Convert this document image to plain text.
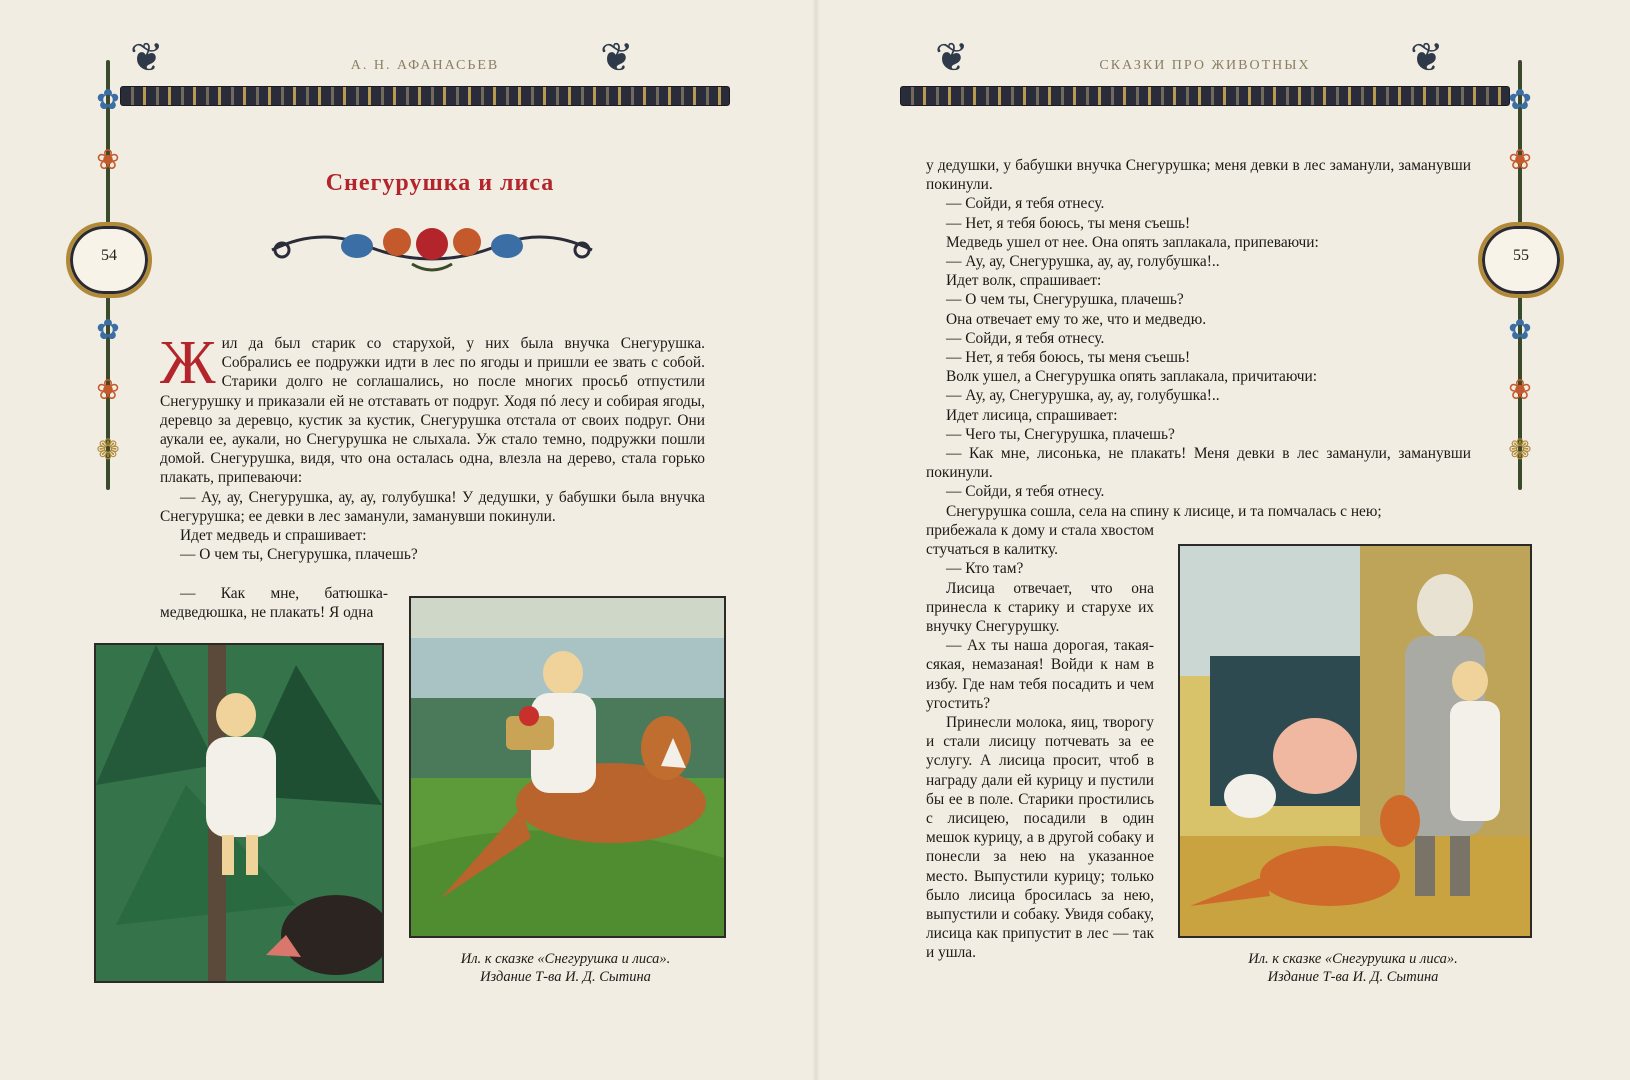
А. Н. АФАНАСЬЕВ
❦	❦	СКАЗКИ ПРО ЖИВОТНЫХ
❦	❦
✿
❀
✿
❀
❁
54
✿
❀
✿
❀
❁
55
Снегурушка и лиса

Жил да был старик со старухой, у них была внучка Снегурушка. Собрались ее подружки идти в лес по ягоды и пришли ее звать с собой. Старики долго не соглашались, но после многих просьб отпустили Снегурушку и приказали ей не отставать от подруг. Ходя пó лесу и собирая ягоды, деревцо за деревцо, кустик за кустик, Снегурушка отстала от своих подруг. Они аукали ее, аукали, но Снегурушка не слыхала. Уж стало темно, подружки пошли домой. Снегурушка, видя, что она осталась одна, влезла на дерево, стала горько плакать, припеваючи:

— Ау, ау, Снегурушка, ау, ау, голубушка! У дедушки, у бабушки была внучка Снегурушка; ее девки в лес заманули, заманувши покинули.

Идет медведь и спрашивает:

— О чем ты, Снегурушка, плачешь?

— Как мне, батюшка-медведюшка, не плакать! Я одна

Ил. к сказке «Снегурушка и лиса».
Издание Т-ва И. Д. Сытина

у дедушки, у бабушки внучка Снегурушка; меня девки в лес заманули, заманувши покинули.

— Сойди, я тебя отнесу.

— Нет, я тебя боюсь, ты меня съешь!

Медведь ушел от нее. Она опять заплакала, припеваючи:

— Ау, ау, Снегурушка, ау, ау, голубушка!..

Идет волк, спрашивает:

— О чем ты, Снегурушка, плачешь?

Она отвечает ему то же, что и медведю.

— Сойди, я тебя отнесу.

— Нет, я тебя боюсь, ты меня съешь!

Волк ушел, а Снегурушка опять заплакала, причитаючи:

— Ау, ау, Снегурушка, ау, ау, голубушка!..

Идет лисица, спрашивает:

— Чего ты, Снегурушка, плачешь?

— Как мне, лисонька, не плакать! Меня девки в лес заманули, заманувши покинули.

— Сойди, я тебя отнесу.

Снегурушка сошла, села на спину к лисице, и та помчалась с нею;

прибежала к дому и стала хвостом стучаться в калитку.

— Кто там?

Лисица отвечает, что она принесла к старику и старухе их внучку Снегурушку.

— Ах ты наша дорогая, такая-сякая, немазаная! Войди к нам в избу. Где нам тебя посадить и чем угостить?

Принесли молока, яиц, творогу и стали лисицу потчевать за ее услугу. А лисица просит, чтоб в награду дали ей курицу и пустили бы ее в поле. Старики простились с лисицею, посадили в один мешок курицу, а в другой собаку и понесли за нею на указанное место. Выпустили курицу; только было лисица бросилась за нею, выпустили и собаку. Увидя собаку, лисица как припустит в лес — так и ушла.	Ил. к сказке «Снегурушка и лиса».
Издание Т-ва И. Д. Сытина
